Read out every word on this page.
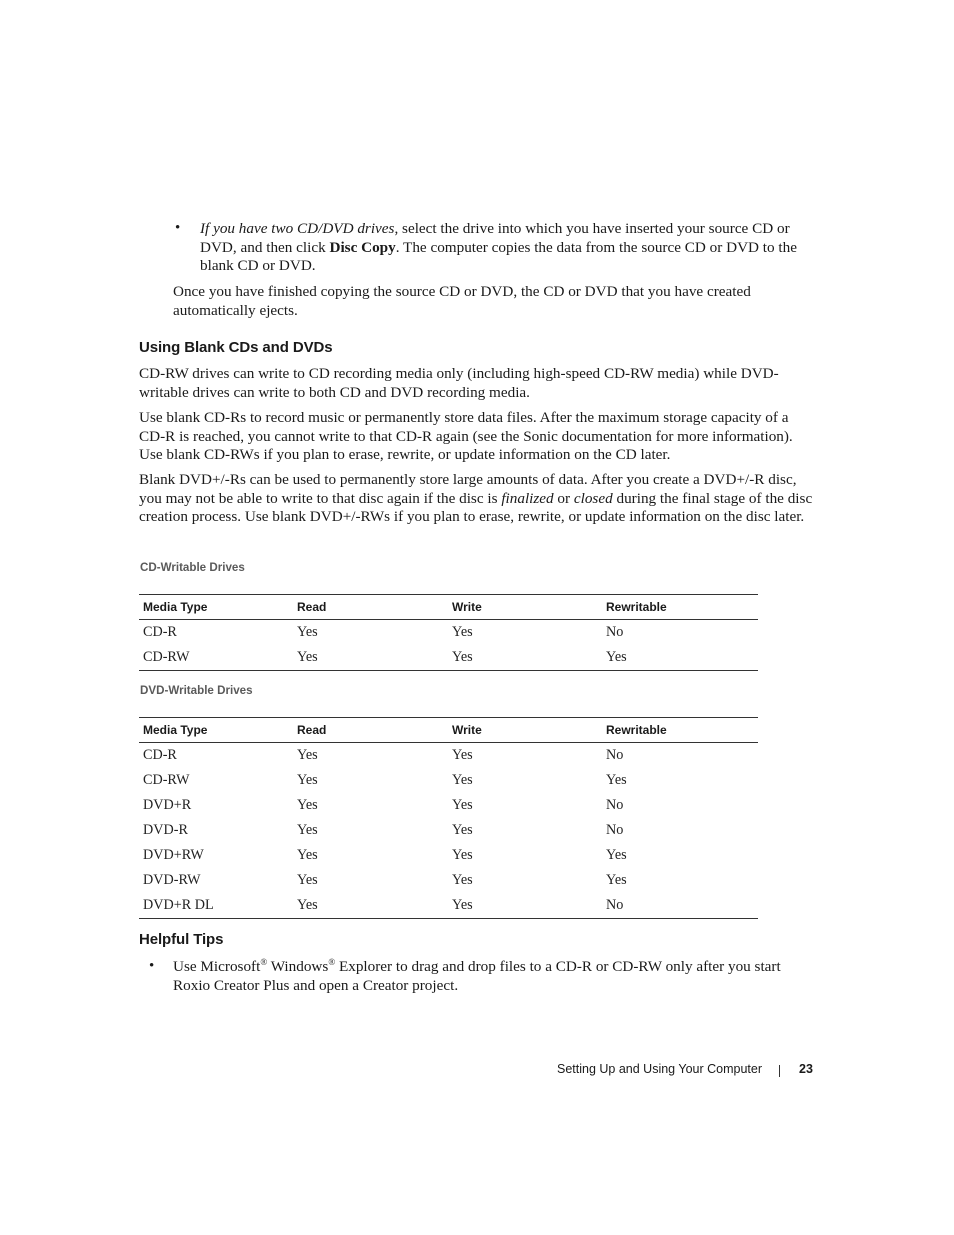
• If you have two CD/DVD drives, select the drive into which you have inserted your source CD or DVD, and then click Disc Copy. The computer copies the data from the source CD or DVD to the blank CD or DVD.

Once you have finished copying the source CD or DVD, the CD or DVD that you have created automatically ejects.

Using Blank CDs and DVDs

CD-RW drives can write to CD recording media only (including high-speed CD-RW media) while DVD-writable drives can write to both CD and DVD recording media.

Use blank CD-Rs to record music or permanently store data files. After the maximum storage capacity of a CD-R is reached, you cannot write to that CD-R again (see the Sonic documentation for more information). Use blank CD-RWs if you plan to erase, rewrite, or update information on the CD later.

Blank DVD+/-Rs can be used to permanently store large amounts of data. After you create a DVD+/-R disc, you may not be able to write to that disc again if the disc is finalized or closed during the final stage of the disc creation process. Use blank DVD+/-RWs if you plan to erase, rewrite, or update information on the disc later.

CD-Writable Drives
Media Type	Read	Write	Rewritable
CD-R	Yes	Yes	No
CD-RW	Yes	Yes	Yes
DVD-Writable Drives
Media Type	Read	Write	Rewritable
CD-R	Yes	Yes	No
CD-RW	Yes	Yes	Yes
DVD+R	Yes	Yes	No
DVD-R	Yes	Yes	No
DVD+RW	Yes	Yes	Yes
DVD-RW	Yes	Yes	Yes
DVD+R DL	Yes	Yes	No
Helpful Tips
• Use Microsoft® Windows® Explorer to drag and drop files to a CD-R or CD-RW only after you start Roxio Creator Plus and open a Creator project.

Setting Up and Using Your Computer	23
